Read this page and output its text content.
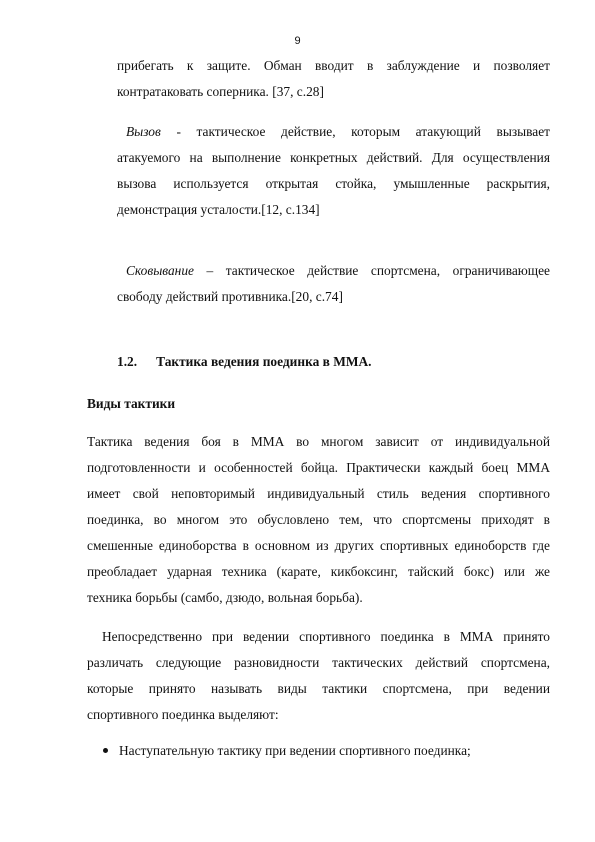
9
прибегать к защите. Обман вводит в заблуждение и позволяет
контратаковать соперника. [37, с.28]
Вызов - тактическое действие, которым атакующий вызывает
атакуемого на выполнение конкретных действий. Для осуществления
вызова используется открытая стойка, умышленные раскрытия,
демонстрация усталости.[12, с.134]
Сковывание – тактическое действие спортсмена, ограничивающее
свободу действий противника.[20, с.74]
1.2. Тактика ведения поединка в ММА.
Виды тактики
Тактика ведения боя в ММА во многом зависит от индивидуальной
подготовленности и особенностей бойца. Практически каждый боец ММА
имеет свой неповторимый индивидуальный стиль ведения спортивного
поединка, во многом это обусловлено тем, что спортсмены приходят в
смешенные единоборства в основном из других спортивных единоборств где
преобладает ударная техника (карате, кикбоксинг, тайский бокс) или же
техника борьбы (самбо, дзюдо, вольная борьба).
Непосредственно при ведении спортивного поединка в ММА принято
различать следующие разновидности тактических действий спортсмена,
которые принято называть виды тактики спортсмена, при ведении
спортивного поединка выделяют:
Наступательную тактику при ведении спортивного поединка;
